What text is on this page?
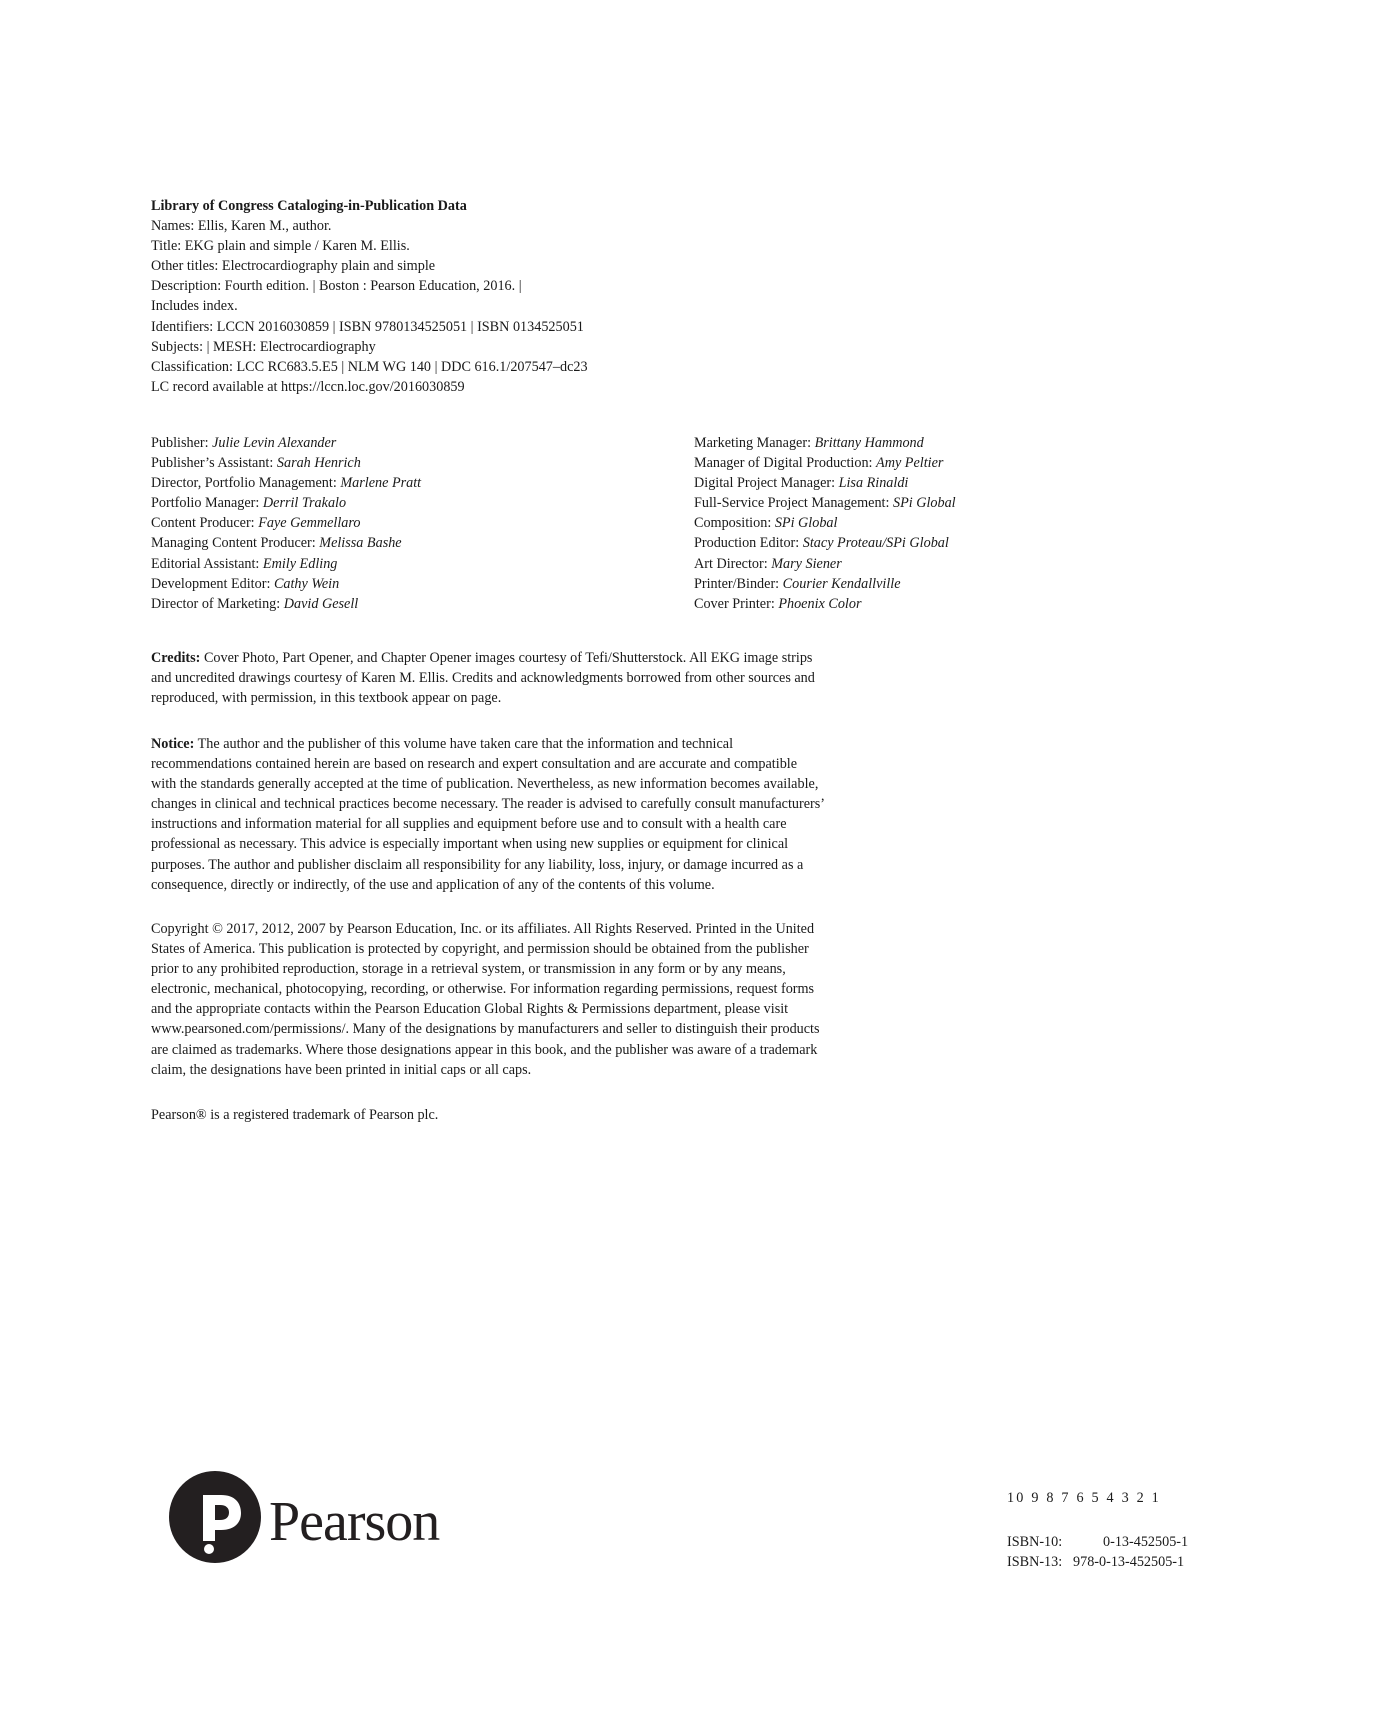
Library of Congress Cataloging-in-Publication Data
Names: Ellis, Karen M., author.
Title: EKG plain and simple / Karen M. Ellis.
Other titles: Electrocardiography plain and simple
Description: Fourth edition. | Boston : Pearson Education, 2016. |
Includes index.
Identifiers: LCCN 2016030859 | ISBN 9780134525051 | ISBN 0134525051
Subjects: | MESH: Electrocardiography
Classification: LCC RC683.5.E5 | NLM WG 140 | DDC 616.1/207547–dc23
LC record available at https://lccn.loc.gov/2016030859
Publisher: Julie Levin Alexander
Publisher’s Assistant: Sarah Henrich
Director, Portfolio Management: Marlene Pratt
Portfolio Manager: Derril Trakalo
Content Producer: Faye Gemmellaro
Managing Content Producer: Melissa Bashe
Editorial Assistant: Emily Edling
Development Editor: Cathy Wein
Director of Marketing: David Gesell
Marketing Manager: Brittany Hammond
Manager of Digital Production: Amy Peltier
Digital Project Manager: Lisa Rinaldi
Full-Service Project Management: SPi Global
Composition: SPi Global
Production Editor: Stacy Proteau/SPi Global
Art Director: Mary Siener
Printer/Binder: Courier Kendallville
Cover Printer: Phoenix Color
Credits: Cover Photo, Part Opener, and Chapter Opener images courtesy of Tefi/Shutterstock. All EKG image strips
and uncredited drawings courtesy of Karen M. Ellis. Credits and acknowledgments borrowed from other sources and
reproduced, with permission, in this textbook appear on page.
Notice: The author and the publisher of this volume have taken care that the information and technical
recommendations contained herein are based on research and expert consultation and are accurate and compatible
with the standards generally accepted at the time of publication. Nevertheless, as new information becomes available,
changes in clinical and technical practices become necessary. The reader is advised to carefully consult manufacturers’
instructions and information material for all supplies and equipment before use and to consult with a health care
professional as necessary. This advice is especially important when using new supplies or equipment for clinical
purposes. The author and publisher disclaim all responsibility for any liability, loss, injury, or damage incurred as a
consequence, directly or indirectly, of the use and application of any of the contents of this volume.
Copyright © 2017, 2012, 2007 by Pearson Education, Inc. or its affiliates. All Rights Reserved. Printed in the United
States of America. This publication is protected by copyright, and permission should be obtained from the publisher
prior to any prohibited reproduction, storage in a retrieval system, or transmission in any form or by any means,
electronic, mechanical, photocopying, recording, or otherwise. For information regarding permissions, request forms
and the appropriate contacts within the Pearson Education Global Rights & Permissions department, please visit
www.pearsoned.com/permissions/. Many of the designations by manufacturers and seller to distinguish their products
are claimed as trademarks. Where those designations appear in this book, and the publisher was aware of a trademark
claim, the designations have been printed in initial caps or all caps.
Pearson® is a registered trademark of Pearson plc.
Pearson	10 9 8 7 6 5 4 3 2 1
ISBN-10:	0-13-452505-1
ISBN-13: 978-0-13-452505-1
